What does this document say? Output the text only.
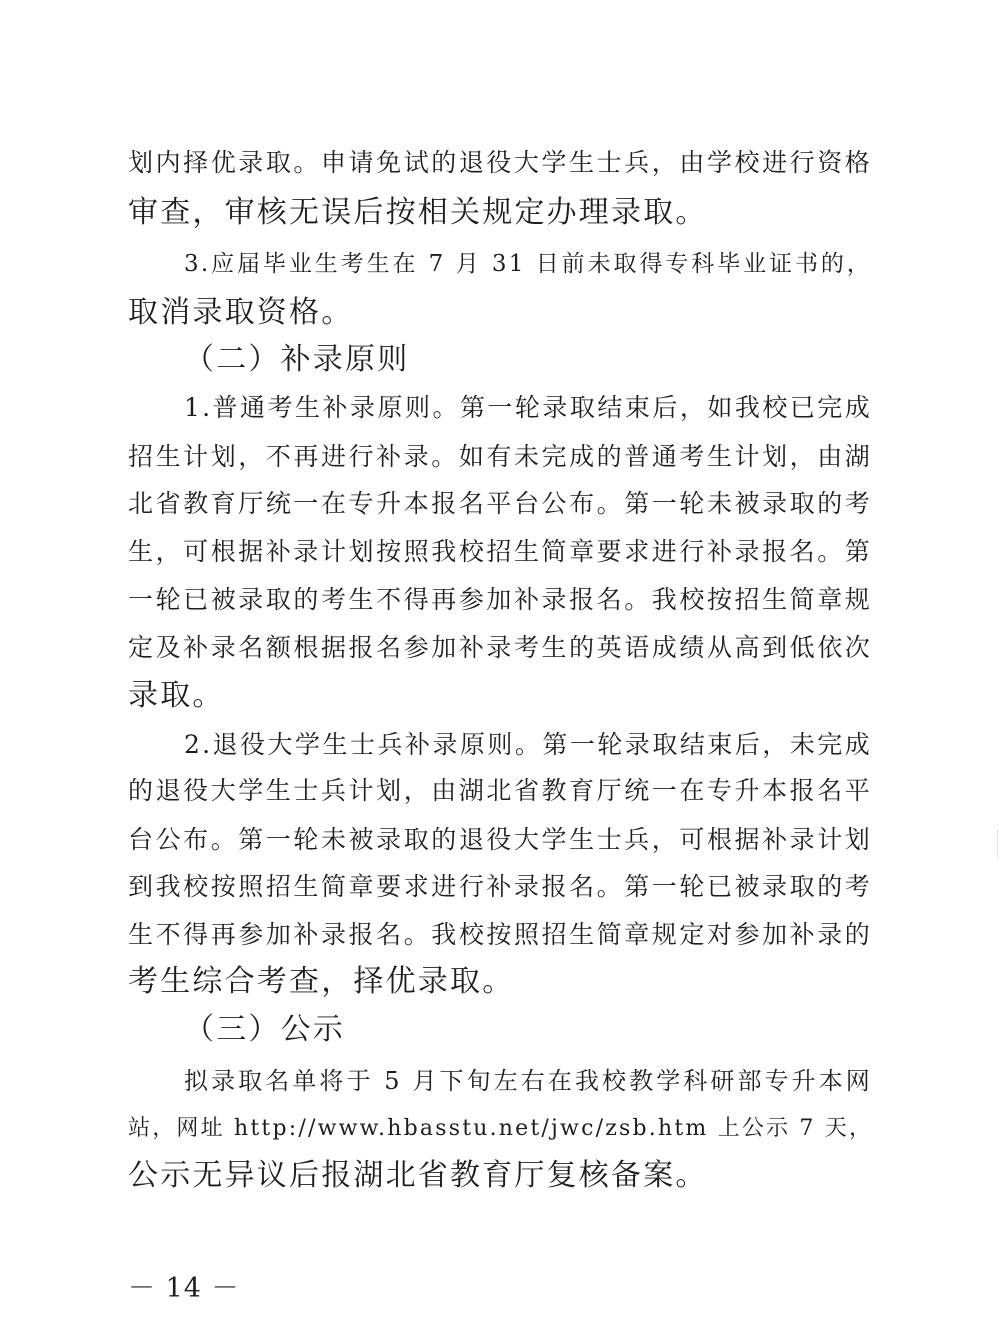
划内择优录取。申请免试的退役大学生士兵，由学校进行资格
审查，审核无误后按相关规定办理录取。
3.应届毕业生考生在 7 月 31 日前未取得专科毕业证书的，
取消录取资格。
（二）补录原则
1.普通考生补录原则。第一轮录取结束后，如我校已完成
招生计划，不再进行补录。如有未完成的普通考生计划，由湖
北省教育厅统一在专升本报名平台公布。第一轮未被录取的考
生，可根据补录计划按照我校招生简章要求进行补录报名。第
一轮已被录取的考生不得再参加补录报名。我校按招生简章规
定及补录名额根据报名参加补录考生的英语成绩从高到低依次
录取。
2.退役大学生士兵补录原则。第一轮录取结束后，未完成
的退役大学生士兵计划，由湖北省教育厅统一在专升本报名平
台公布。第一轮未被录取的退役大学生士兵，可根据补录计划
到我校按照招生简章要求进行补录报名。第一轮已被录取的考
生不得再参加补录报名。我校按照招生简章规定对参加补录的
考生综合考查，择优录取。
（三）公示
拟录取名单将于 5 月下旬左右在我校教学科研部专升本网
站，网址 http://www.hbasstu.net/jwc/zsb.htm 上公示 7 天，
公示无异议后报湖北省教育厅复核备案。
－ 14 －
